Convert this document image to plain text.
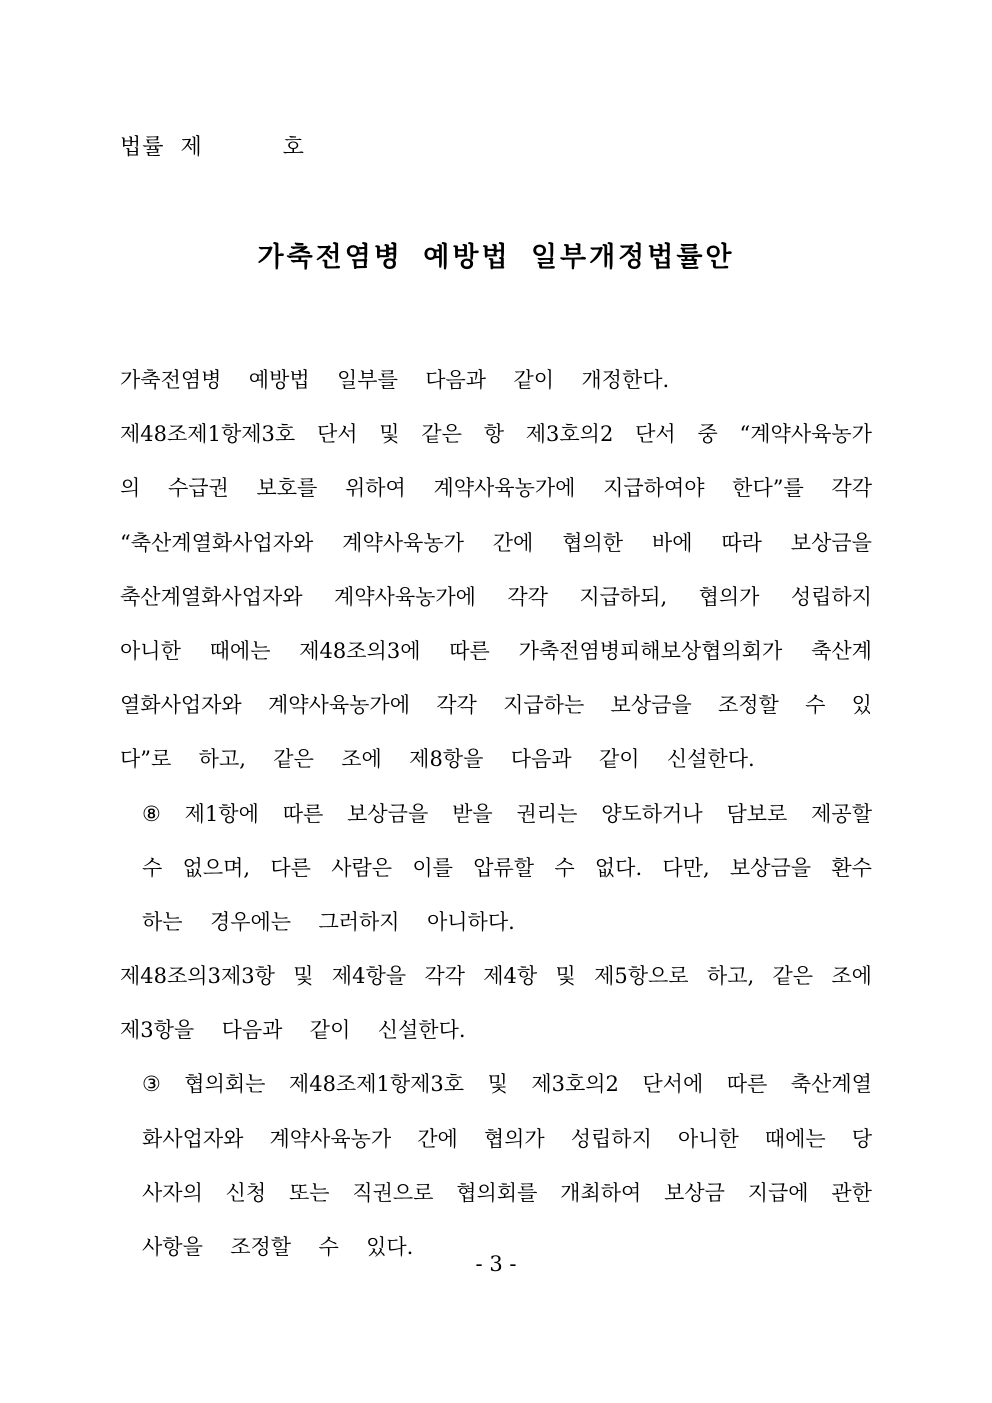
법률  제          호
가축전염병 예방법 일부개정법률안
가축전염병
예방법
일부를
다음과
같이
개정한다.
제48조제1항제3호 단서 및 같은 항 제3호의2 단서 중 “계약사육농가
의 수급권 보호를 위하여 계약사육농가에 지급하여야 한다”를 각각
“축산계열화사업자와 계약사육농가 간에 협의한 바에 따라 보상금을
축산계열화사업자와 계약사육농가에 각각 지급하되, 협의가 성립하지
아니한 때에는 제48조의3에 따른 가축전염병피해보상협의회가 축산계
열화사업자와 계약사육농가에 각각 지급하는 보상금을 조정할 수 있
다”로
하고,
같은
조에
제8항을
다음과
같이
신설한다.
⑧ 제1항에 따른 보상금을 받을 권리는 양도하거나 담보로 제공할
수 없으며, 다른 사람은 이를 압류할 수 없다. 다만, 보상금을 환수
하는
경우에는
그러하지
아니하다.
제48조의3제3항 및 제4항을 각각 제4항 및 제5항으로 하고, 같은 조에
제3항을
다음과
같이
신설한다.
③ 협의회는 제48조제1항제3호 및 제3호의2 단서에 따른 축산계열
화사업자와 계약사육농가 간에 협의가 성립하지 아니한 때에는 당
사자의 신청 또는 직권으로 협의회를 개최하여 보상금 지급에 관한
사항을
조정할
수
있다.
- 3 -
